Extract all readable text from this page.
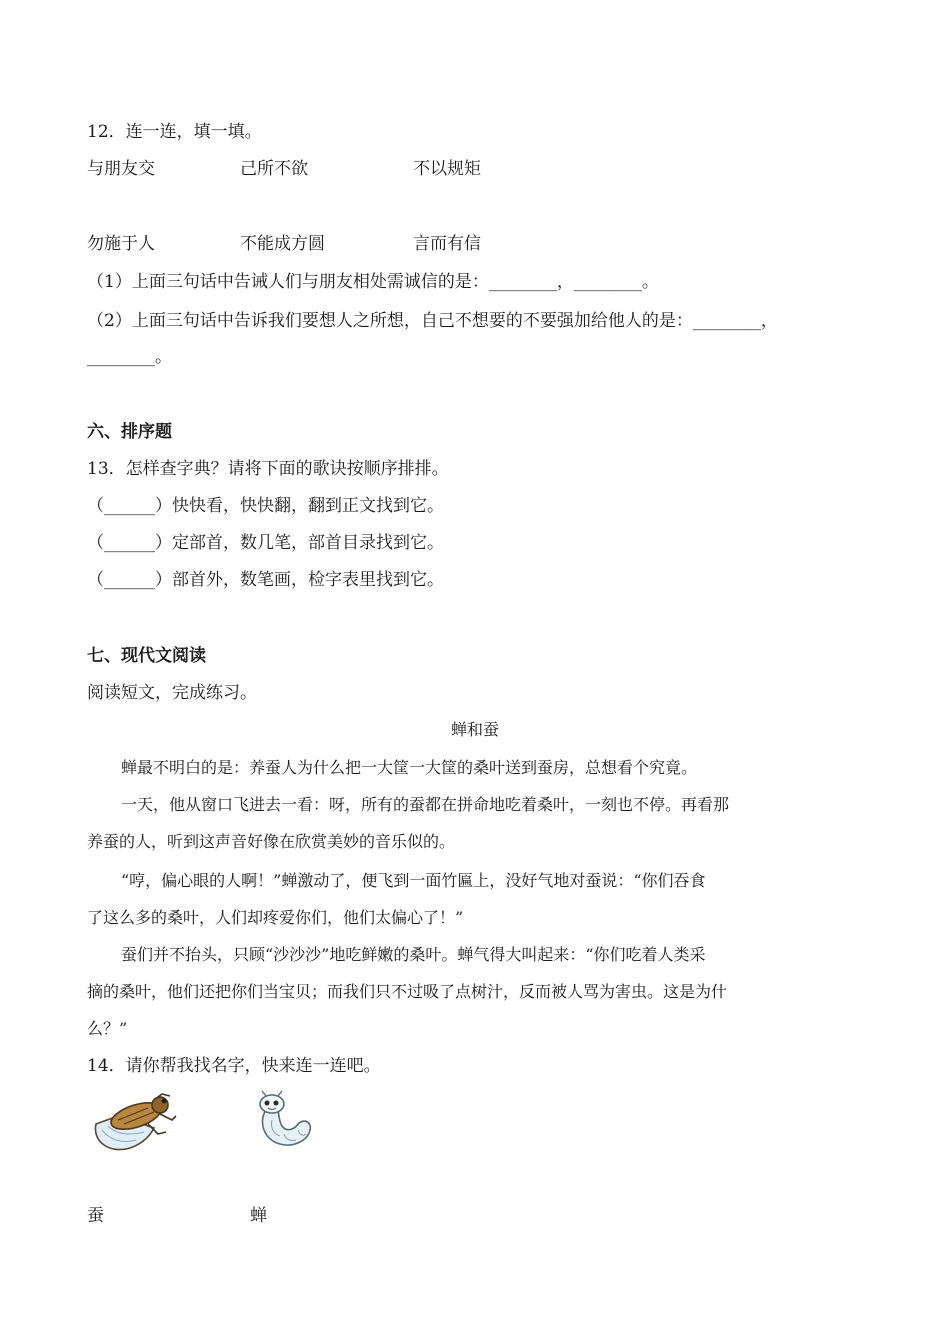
12．连一连，填一填。
与朋友交	己所不欲	不以规矩
勿施于人	不能成方圆	言而有信
（1）上面三句话中告诫人们与朋友相处需诚信的是：________，________。
（2）上面三句话中告诉我们要想人之所想，自己不想要的不要强加给他人的是：________，
________。
六、排序题
13．怎样查字典？请将下面的歌诀按顺序排排。
（______）快快看，快快翻，翻到正文找到它。
（______）定部首，数几笔，部首目录找到它。
（______）部首外，数笔画，检字表里找到它。
七、现代文阅读
阅读短文，完成练习。
蝉和蚕
蝉最不明白的是：养蚕人为什么把一大筐一大筐的桑叶送到蚕房，总想看个究竟。
一天，他从窗口飞进去一看：呀，所有的蚕都在拼命地吃着桑叶，一刻也不停。再看那
养蚕的人，听到这声音好像在欣赏美妙的音乐似的。
“哼，偏心眼的人啊！”蝉激动了，便飞到一面竹匾上，没好气地对蚕说：“你们吞食
了这么多的桑叶，人们却疼爱你们，他们太偏心了！”
蚕们并不抬头，只顾“沙沙沙”地吃鲜嫩的桑叶。蝉气得大叫起来：“你们吃着人类采
摘的桑叶，他们还把你们当宝贝；而我们只不过吸了点树汁，反而被人骂为害虫。这是为什
么？”
14．请你帮我找名字，快来连一连吧。
蚕	蝉
